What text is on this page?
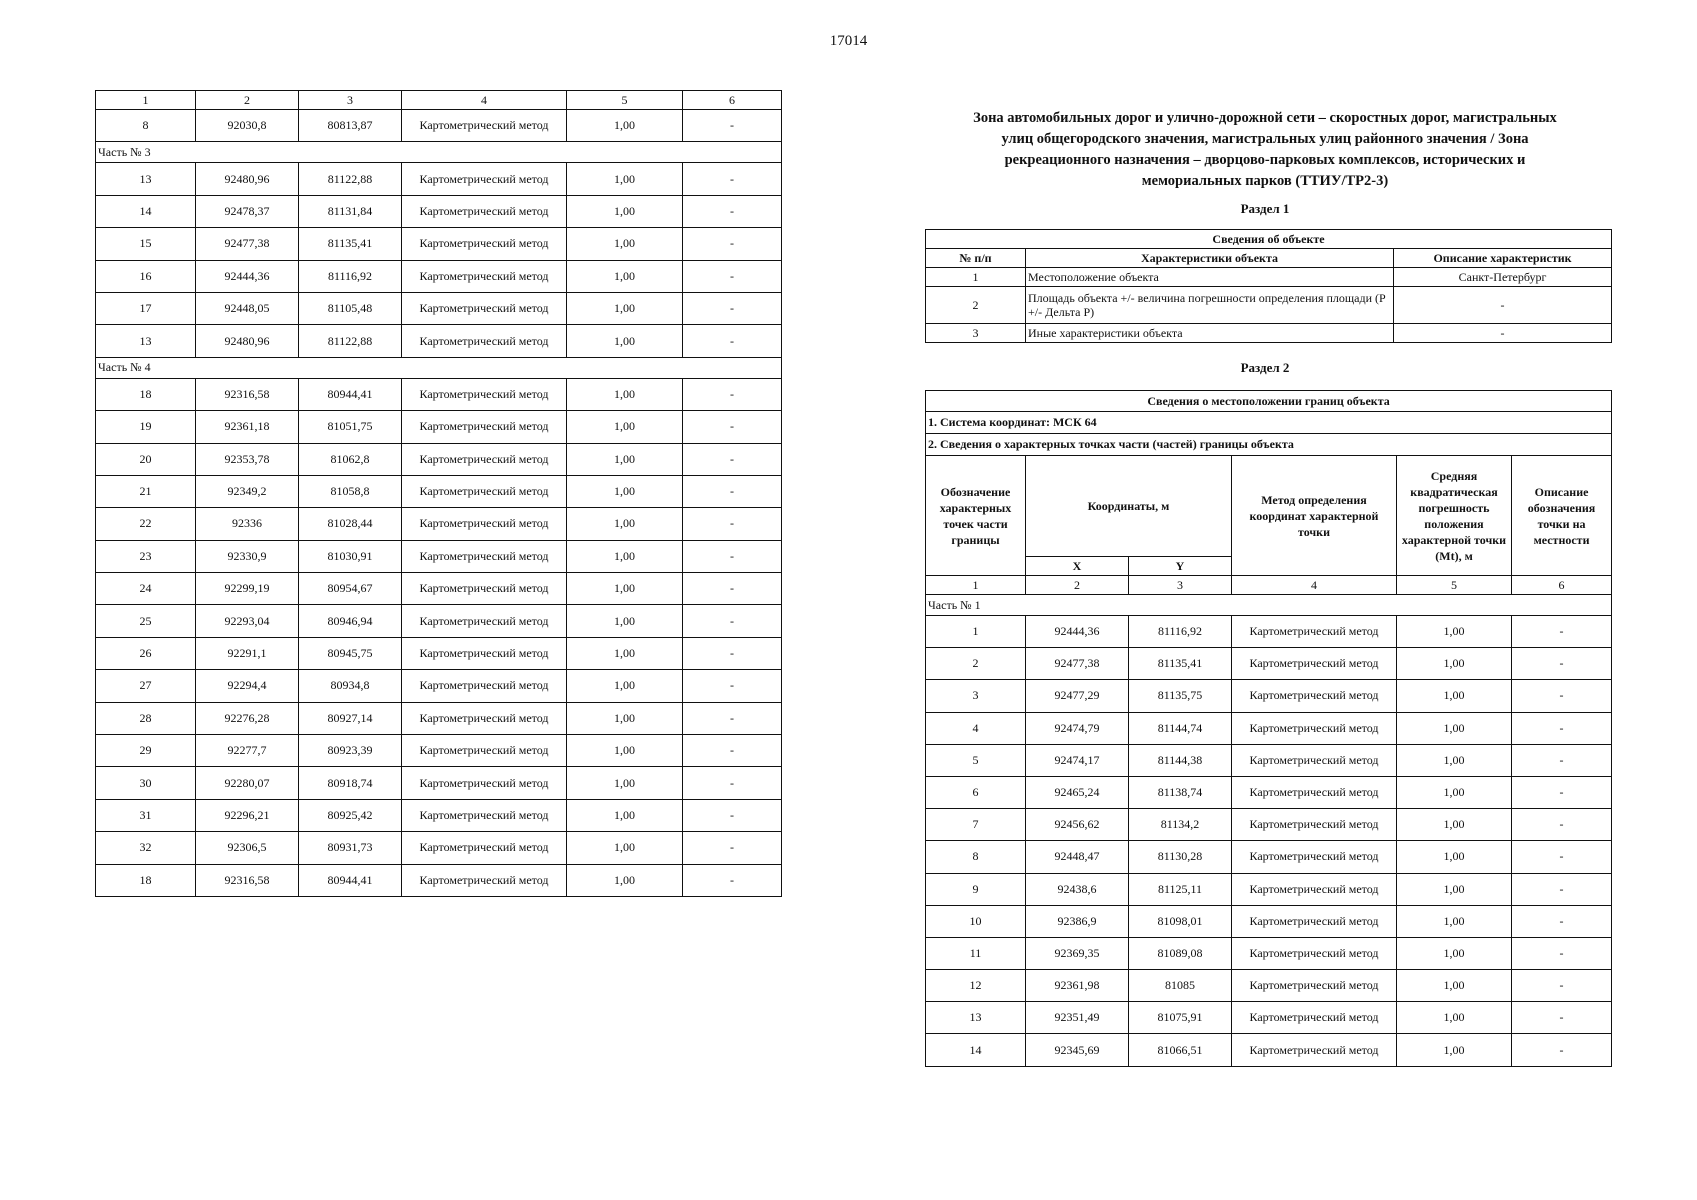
17014
1	2	3	4	5	6
8	92030,8	80813,87	Картометрический метод	1,00	-
Часть № 3					
13	92480,96	81122,88	Картометрический метод	1,00	-
14	92478,37	81131,84	Картометрический метод	1,00	-
15	92477,38	81135,41	Картометрический метод	1,00	-
16	92444,36	81116,92	Картометрический метод	1,00	-
17	92448,05	81105,48	Картометрический метод	1,00	-
13	92480,96	81122,88	Картометрический метод	1,00	-
Часть № 4					
18	92316,58	80944,41	Картометрический метод	1,00	-
19	92361,18	81051,75	Картометрический метод	1,00	-
20	92353,78	81062,8	Картометрический метод	1,00	-
21	92349,2	81058,8	Картометрический метод	1,00	-
22	92336	81028,44	Картометрический метод	1,00	-
23	92330,9	81030,91	Картометрический метод	1,00	-
24	92299,19	80954,67	Картометрический метод	1,00	-
25	92293,04	80946,94	Картометрический метод	1,00	-
26	92291,1	80945,75	Картометрический метод	1,00	-
27	92294,4	80934,8	Картометрический метод	1,00	-
28	92276,28	80927,14	Картометрический метод	1,00	-
29	92277,7	80923,39	Картометрический метод	1,00	-
30	92280,07	80918,74	Картометрический метод	1,00	-
31	92296,21	80925,42	Картометрический метод	1,00	-
32	92306,5	80931,73	Картометрический метод	1,00	-
18	92316,58	80944,41	Картометрический метод	1,00	-
Зона автомобильных дорог и улично-дорожной сети – скоростных дорог, магистральных
улиц общегородского значения, магистральных улиц районного значения / Зона
рекреационного назначения – дворцово-парковых комплексов, исторических и
мемориальных парков (ТТИУ/ТР2-3)
Раздел 1
Сведения об объекте		
№ п/п	Характеристики объекта	Описание характеристик
1	Местоположение объекта	Санкт-Петербург
2	Площадь объекта +/- величина погрешности определения площади (Р +/- Дельта Р)	-
3	Иные характеристики объекта	-
Раздел 2
Сведения о местоположении границ объекта					
1. Система координат: МСК 64					
2. Сведения о характерных точках части (частей) границы объекта					
Обозначение характерных точек части границы	Координаты, м		Метод определения координат характерной точки	Средняя квадратическая погрешность положения характерной точки (Mt), м	Описание обозначения точки на местности
	X	Y			
1	2	3	4	5	6
Часть № 1					
1	92444,36	81116,92	Картометрический метод	1,00	-
2	92477,38	81135,41	Картометрический метод	1,00	-
3	92477,29	81135,75	Картометрический метод	1,00	-
4	92474,79	81144,74	Картометрический метод	1,00	-
5	92474,17	81144,38	Картометрический метод	1,00	-
6	92465,24	81138,74	Картометрический метод	1,00	-
7	92456,62	81134,2	Картометрический метод	1,00	-
8	92448,47	81130,28	Картометрический метод	1,00	-
9	92438,6	81125,11	Картометрический метод	1,00	-
10	92386,9	81098,01	Картометрический метод	1,00	-
11	92369,35	81089,08	Картометрический метод	1,00	-
12	92361,98	81085	Картометрический метод	1,00	-
13	92351,49	81075,91	Картометрический метод	1,00	-
14	92345,69	81066,51	Картометрический метод	1,00	-
